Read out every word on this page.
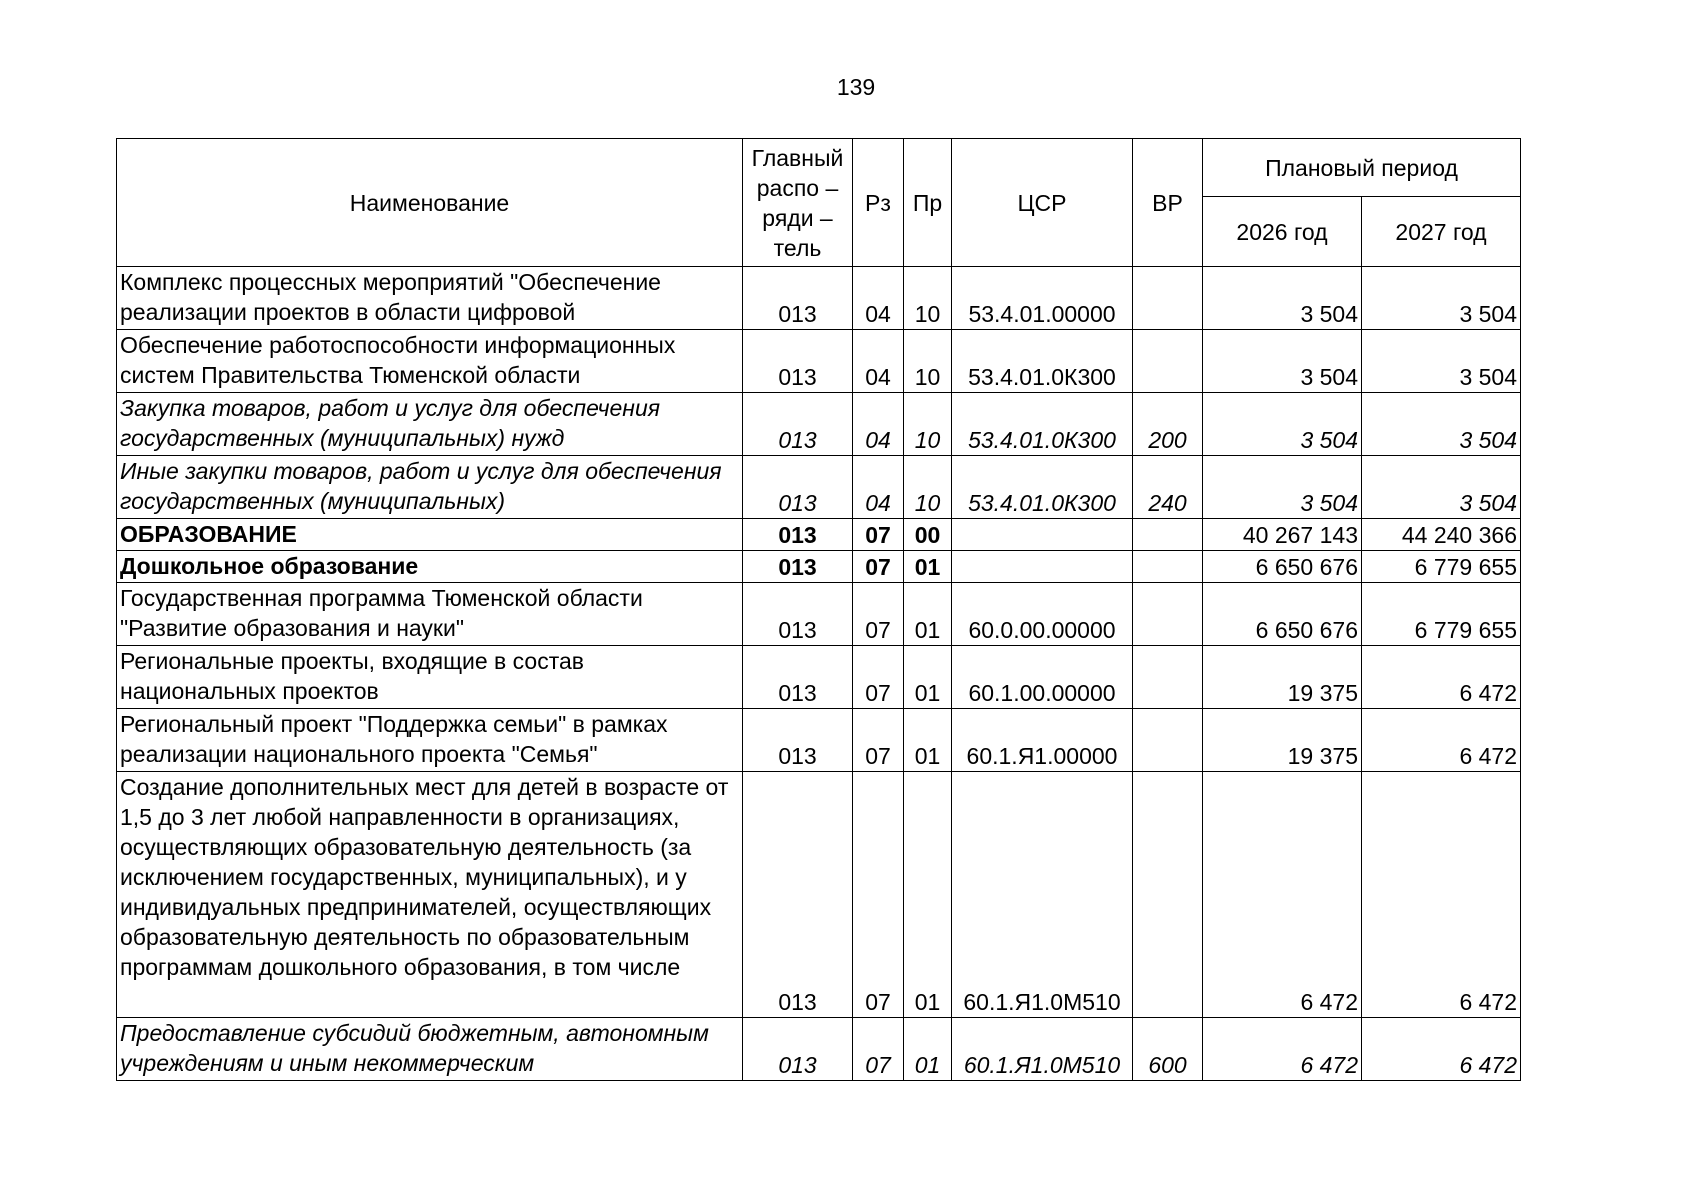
139
Наименование	Главный
распо –
ряди –
тель	Рз	Пр	ЦСР	ВР	Плановый период	
						2026 год	2027 год
Комплекс процессных мероприятий "Обеспечение реализации проектов в области цифровой	013	04	10	53.4.01.00000		3 504	3 504
Обеспечение работоспособности информационных систем Правительства Тюменской области	013	04	10	53.4.01.0К300		3 504	3 504
Закупка товаров, работ и услуг для обеспечения государственных (муниципальных) нужд	013	04	10	53.4.01.0К300	200	3 504	3 504
Иные закупки товаров, работ и услуг для обеспечения государственных (муниципальных)	013	04	10	53.4.01.0К300	240	3 504	3 504
ОБРАЗОВАНИЕ	013	07	00			40 267 143	44 240 366
Дошкольное образование	013	07	01			6 650 676	6 779 655
Государственная программа Тюменской области "Развитие образования и науки"	013	07	01	60.0.00.00000		6 650 676	6 779 655
Региональные проекты, входящие в состав национальных проектов	013	07	01	60.1.00.00000		19 375	6 472
Региональный проект "Поддержка семьи" в рамках реализации национального проекта "Семья"	013	07	01	60.1.Я1.00000		19 375	6 472
Создание дополнительных мест для детей в возрасте от 1,5 до 3 лет любой направленности в организациях, осуществляющих образовательную деятельность (за исключением государственных, муниципальных), и у индивидуальных предпринимателей, осуществляющих образовательную деятельность по образовательным программам дошкольного образования, в том числе	013	07	01	60.1.Я1.0М510		6 472	6 472
Предоставление субсидий бюджетным, автономным учреждениям и иным некоммерческим	013	07	01	60.1.Я1.0М510	600	6 472	6 472
